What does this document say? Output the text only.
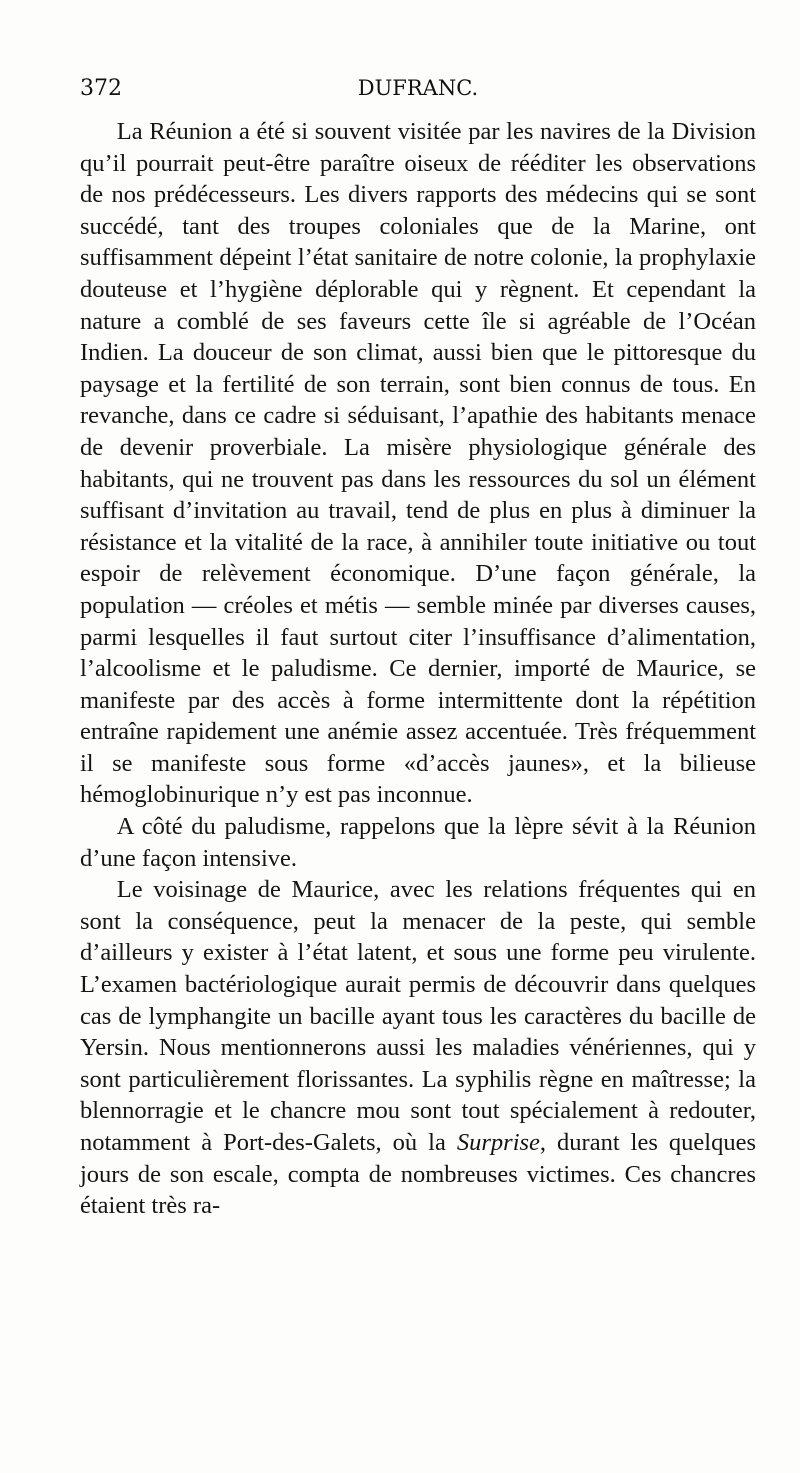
372	DUFRANC.

La Réunion a été si souvent visitée par les navires de la Division qu’il pourrait peut-être paraître oiseux de rééditer les observations de nos prédécesseurs. Les divers rapports des médecins qui se sont succédé, tant des troupes coloniales que de la Marine, ont suffisamment dépeint l’état sanitaire de notre colonie, la prophylaxie douteuse et l’hygiène déplorable qui y règnent. Et cependant la nature a comblé de ses faveurs cette île si agréable de l’Océan Indien. La douceur de son climat, aussi bien que le pittoresque du paysage et la fertilité de son terrain, sont bien connus de tous. En revanche, dans ce cadre si séduisant, l’apathie des habitants menace de devenir proverbiale. La misère physiologique générale des habitants, qui ne trouvent pas dans les ressources du sol un élément suffisant d’invitation au travail, tend de plus en plus à diminuer la résistance et la vitalité de la race, à annihiler toute initiative ou tout espoir de relèvement économique. D’une façon générale, la population — créoles et métis — semble minée par diverses causes, parmi lesquelles il faut surtout citer l’insuffisance d’alimentation, l’alcoolisme et le paludisme. Ce dernier, importé de Maurice, se manifeste par des accès à forme intermittente dont la répétition entraîne rapidement une anémie assez accentuée. Très fréquemment il se manifeste sous forme «d’accès jaunes», et la bilieuse hémoglobinurique n’y est pas inconnue.

A côté du paludisme, rappelons que la lèpre sévit à la Réunion d’une façon intensive.

Le voisinage de Maurice, avec les relations fréquentes qui en sont la conséquence, peut la menacer de la peste, qui semble d’ailleurs y exister à l’état latent, et sous une forme peu virulente. L’examen bactériologique aurait permis de découvrir dans quelques cas de lymphangite un bacille ayant tous les caractères du bacille de Yersin. Nous mentionnerons aussi les maladies vénériennes, qui y sont particulièrement florissantes. La syphilis règne en maîtresse; la blennorragie et le chancre mou sont tout spécialement à redouter, notamment à Port-des-Galets, où la Surprise, durant les quelques jours de son escale, compta de nombreuses victimes. Ces chancres étaient très ra-
